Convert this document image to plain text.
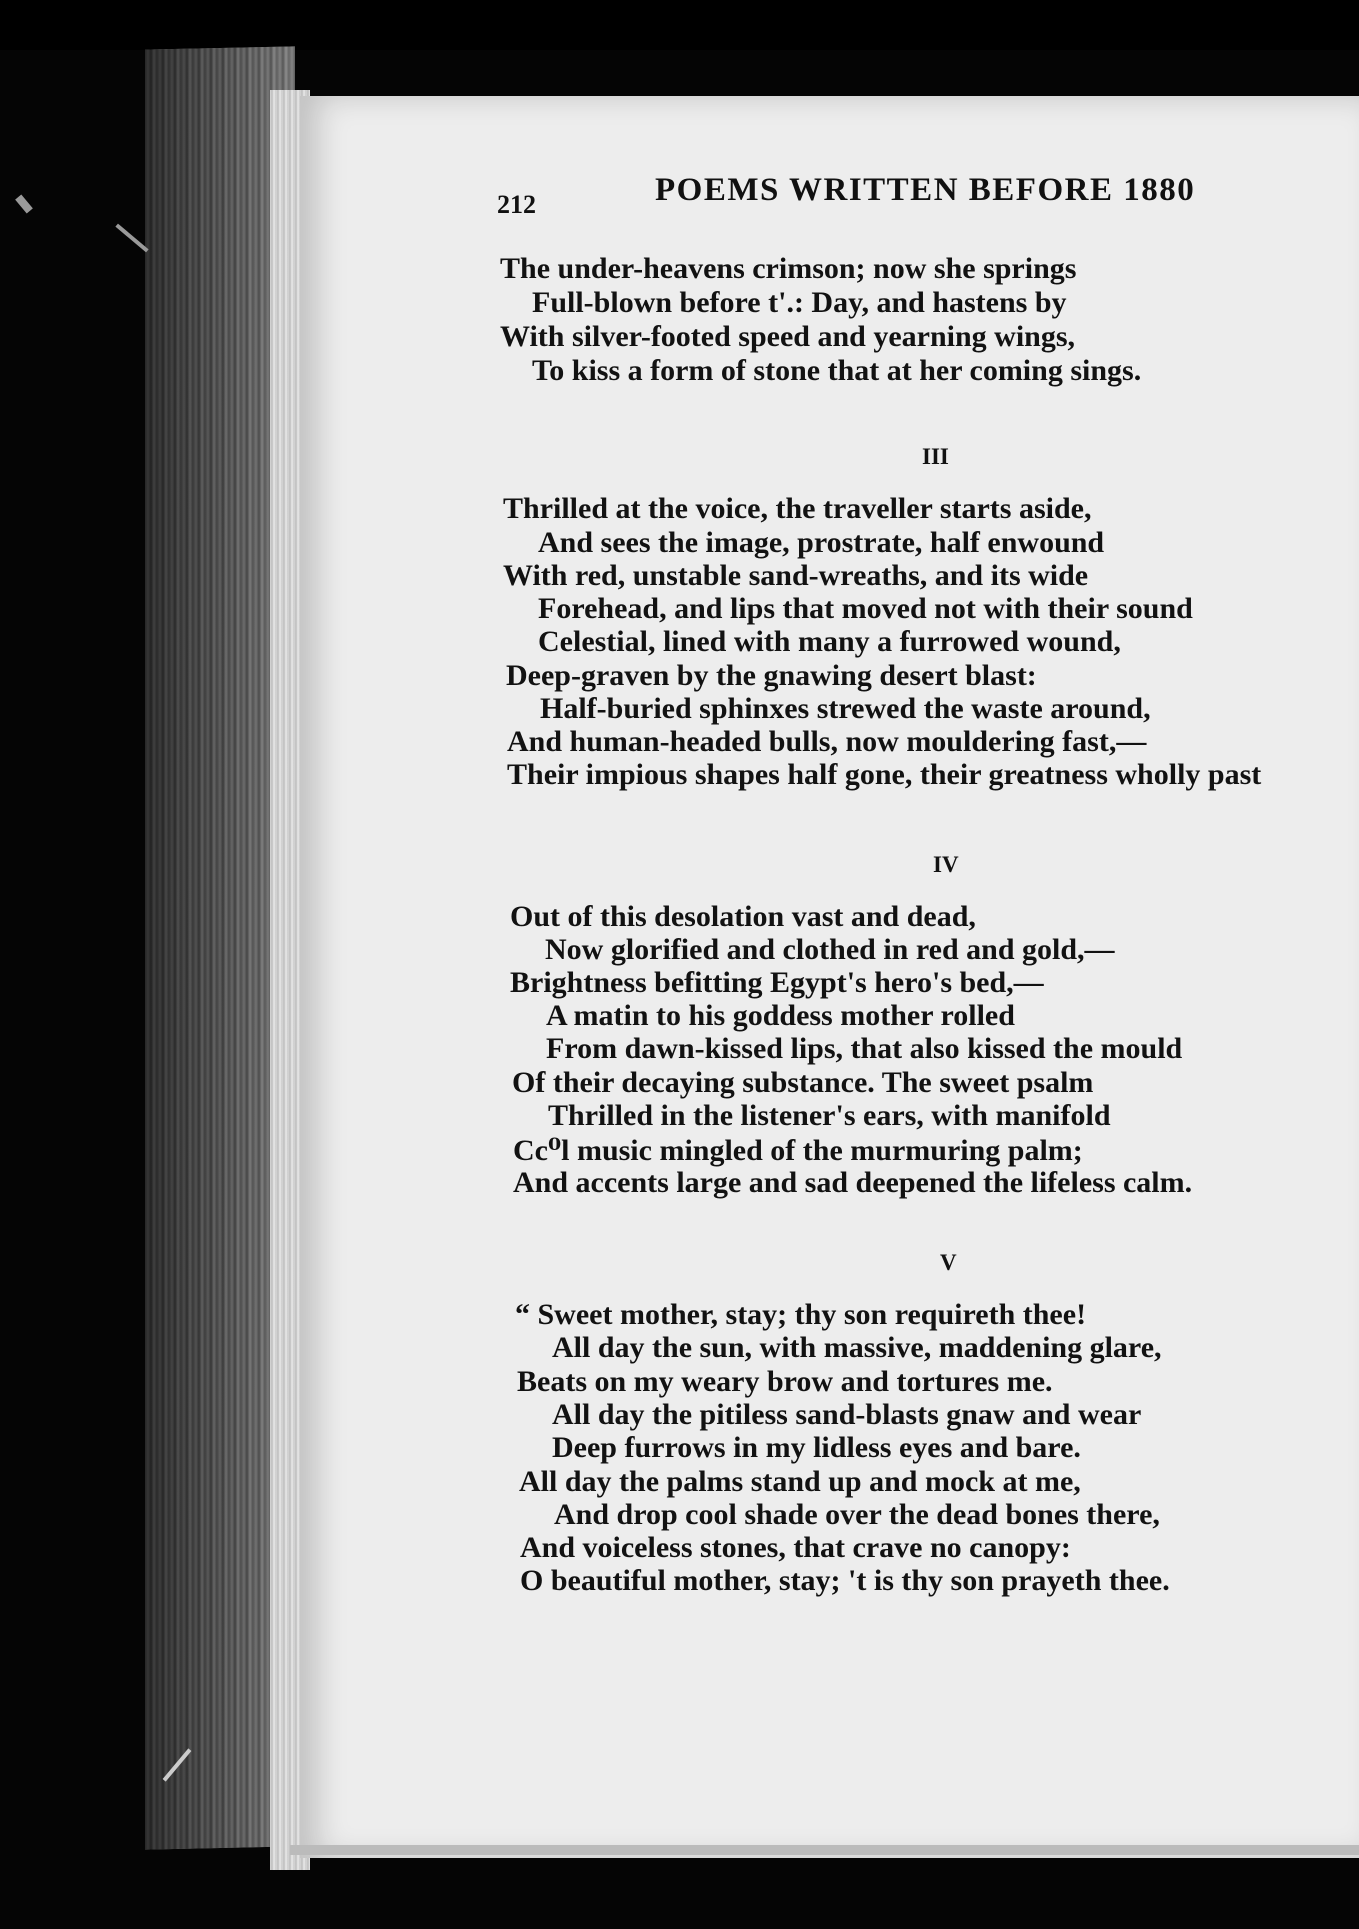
212	POEMS WRITTEN BEFORE 1880
The under-heavens crimson; now she springs
Full-blown before t'.: Day, and hastens by
With silver-footed speed and yearning wings,
To kiss a form of stone that at her coming sings.
III
Thrilled at the voice, the traveller starts aside,
And sees the image, prostrate, half enwound
With red, unstable sand-wreaths, and its wide
Forehead, and lips that moved not with their sound
Celestial, lined with many a furrowed wound,
Deep-graven by the gnawing desert blast:
Half-buried sphinxes strewed the waste around,
And human-headed bulls, now mouldering fast,—
Their impious shapes half gone, their greatness wholly past
IV
Out of this desolation vast and dead,
Now glorified and clothed in red and gold,—
Brightness befitting Egypt's hero's bed,—
A matin to his goddess mother rolled
From dawn-kissed lips, that also kissed the mould
Of their decaying substance. The sweet psalm
Thrilled in the listener's ears, with manifold
Cc⁰l music mingled of the murmuring palm;
And accents large and sad deepened the lifeless calm.
V
“ Sweet mother, stay; thy son requireth thee!
All day the sun, with massive, maddening glare,
Beats on my weary brow and tortures me.
All day the pitiless sand-blasts gnaw and wear
Deep furrows in my lidless eyes and bare.
All day the palms stand up and mock at me,
And drop cool shade over the dead bones there,
And voiceless stones, that crave no canopy:
O beautiful mother, stay; 't is thy son prayeth thee.
